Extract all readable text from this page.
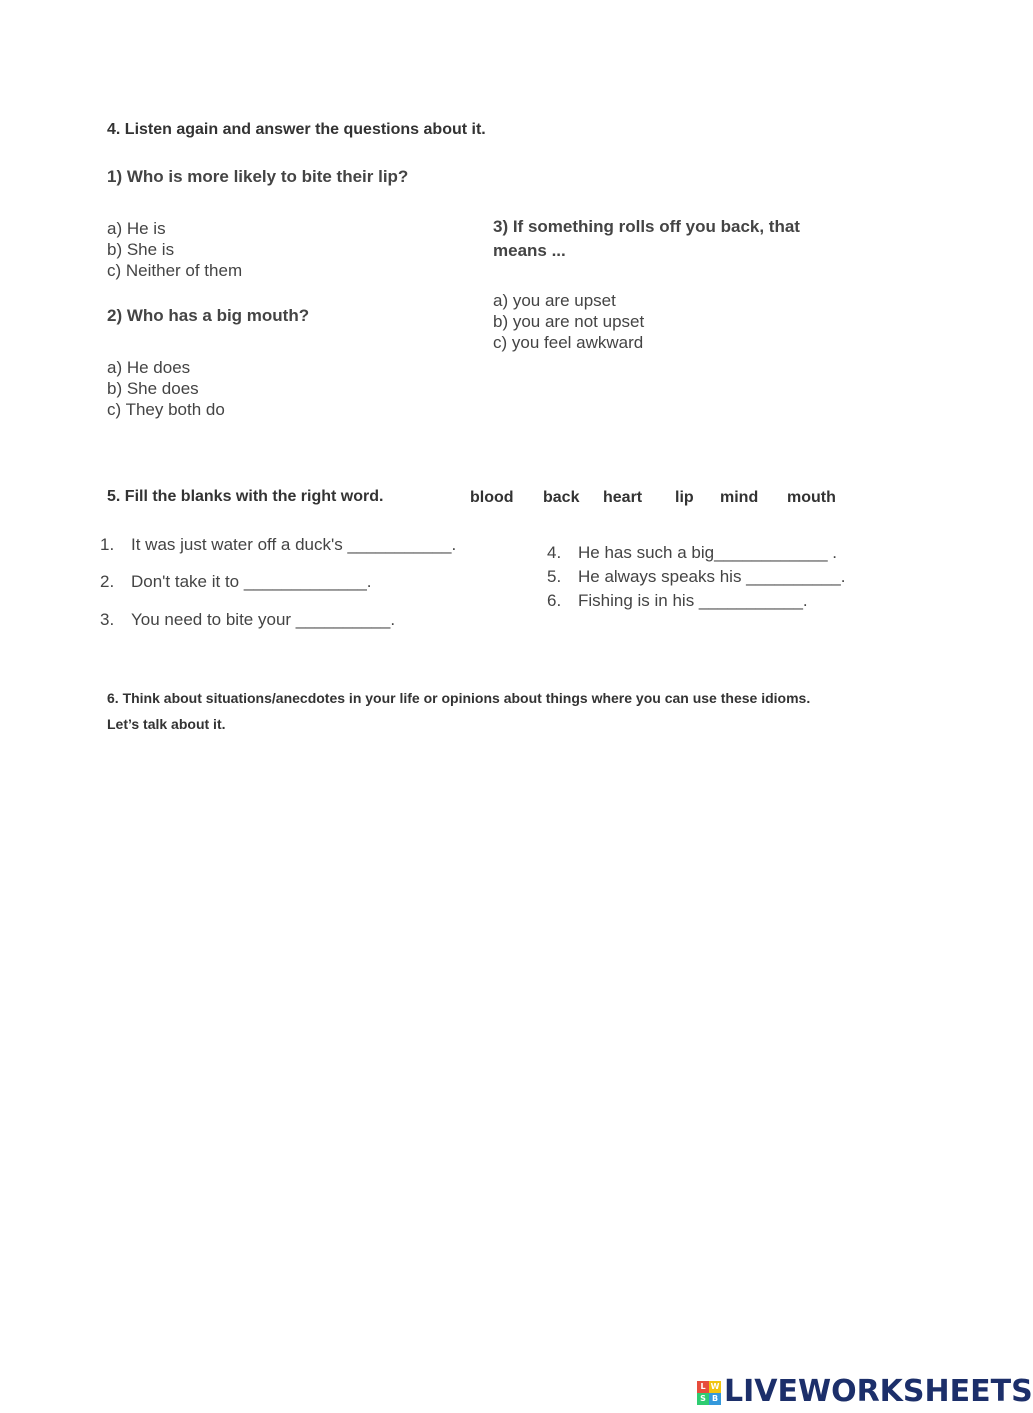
4. Listen again and answer the questions about it.
1) Who is more likely to bite their lip?
a) He is
b) She is
c) Neither of them
2) Who has a big mouth?
a) He does
b) She does
c) They both do
3) If something rolls off you back, that
means ...
a) you are upset
b) you are not upset
c) you feel awkward
5. Fill the blanks with the right word.	blood back heart lip mind mouth
1. It was just water off a duck's ___________.
2. Don't take it to _____________.
3. You need to bite your __________.
4. He has such a big____________ .
5. He always speaks his __________.
6. Fishing is in his ___________.
6. Think about situations/anecdotes in your life or opinions about things where you can use these idioms.
Let’s talk about it.
L W
S B LIVEWORKSHEETS
